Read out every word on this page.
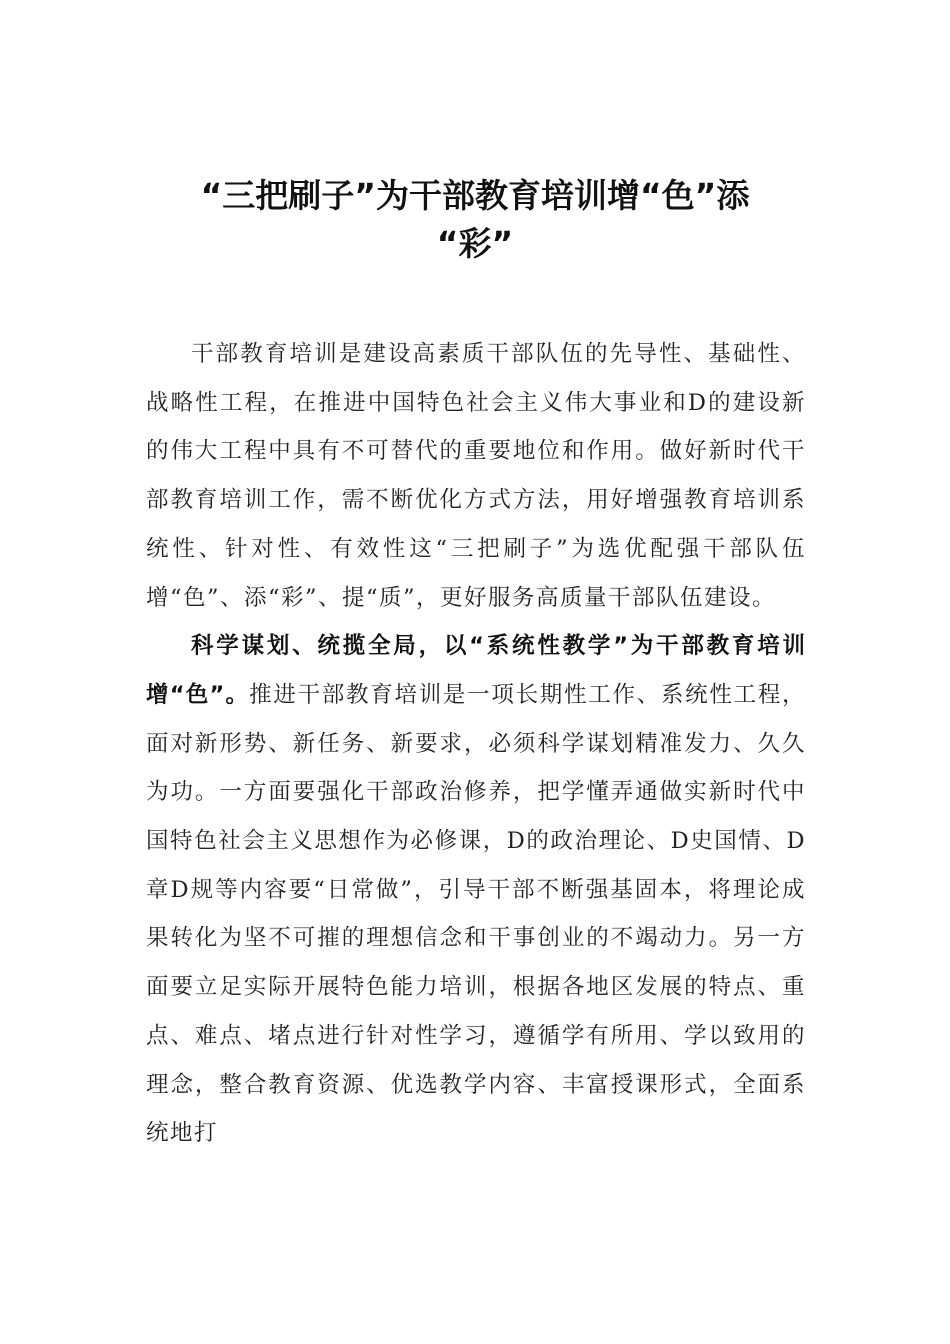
“三把刷子”为干部教育培训增“色”添
“彩”

干部教育培训是建设高素质干部队伍的先导性、基础性、战略性工程，在推进中国特色社会主义伟大事业和D的建设新的伟大工程中具有不可替代的重要地位和作用。做好新时代干部教育培训工作，需不断优化方式方法，用好增强教育培训系统性、针对性、有效性这“三把刷子”为选优配强干部队伍增“色”、添“彩”、提“质”，更好服务高质量干部队伍建设。

科学谋划、统揽全局，以“系统性教学”为干部教育培训增“色”。推进干部教育培训是一项长期性工作、系统性工程，面对新形势、新任务、新要求，必须科学谋划精准发力、久久为功。一方面要强化干部政治修养，把学懂弄通做实新时代中国特色社会主义思想作为必修课，D的政治理论、D史国情、D章D规等内容要“日常做”，引导干部不断强基固本，将理论成果转化为坚不可摧的理想信念和干事创业的不竭动力。另一方面要立足实际开展特色能力培训，根据各地区发展的特点、重点、难点、堵点进行针对性学习，遵循学有所用、学以致用的理念，整合教育资源、优选教学内容、丰富授课形式，全面系统地打
